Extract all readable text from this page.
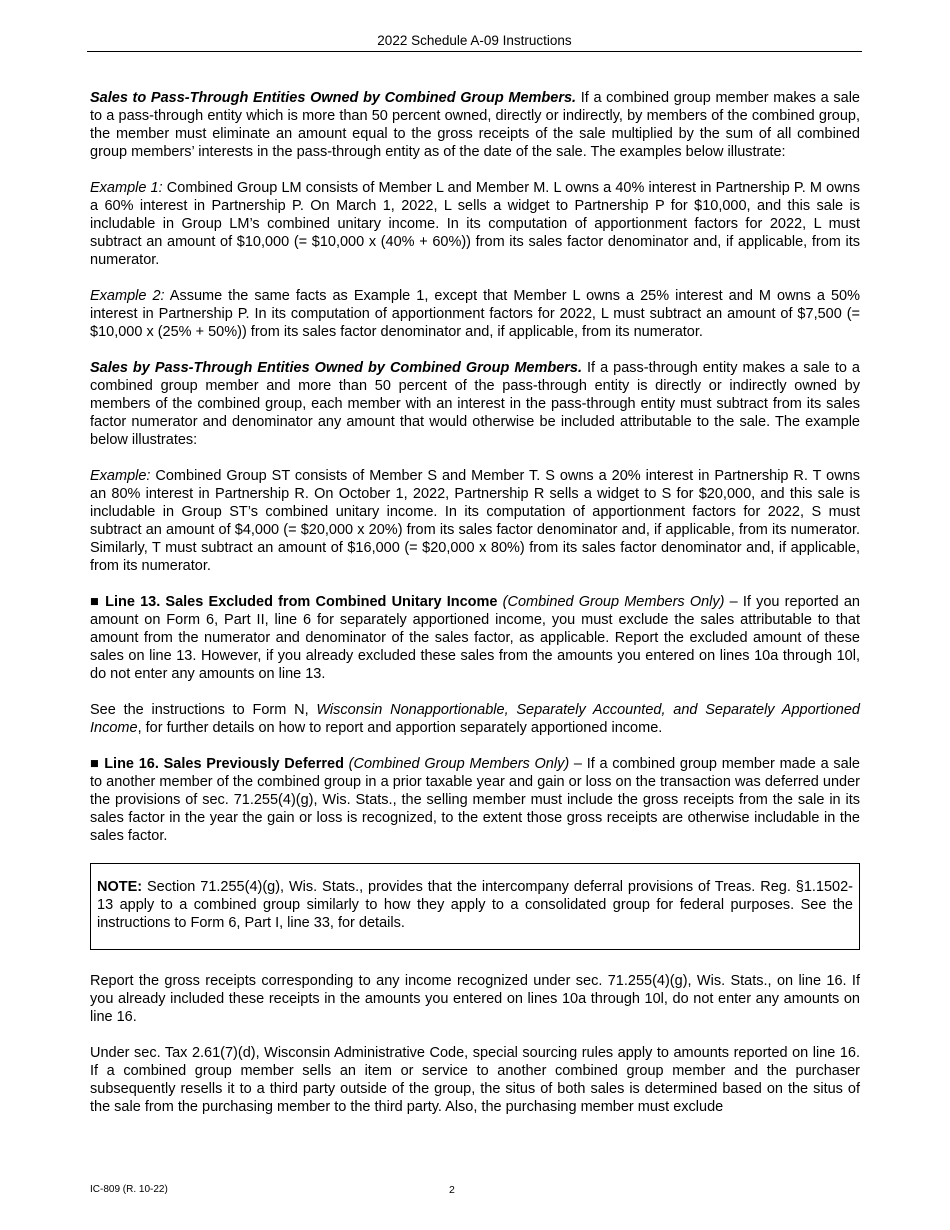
2022 Schedule A-09 Instructions

Sales to Pass-Through Entities Owned by Combined Group Members. If a combined group member makes a sale to a pass-through entity which is more than 50 percent owned, directly or indirectly, by members of the combined group, the member must eliminate an amount equal to the gross receipts of the sale multiplied by the sum of all combined group members’ interests in the pass-through entity as of the date of the sale. The examples below illustrate:

Example 1: Combined Group LM consists of Member L and Member M. L owns a 40% interest in Partnership P. M owns a 60% interest in Partnership P. On March 1, 2022, L sells a widget to Partnership P for $10,000, and this sale is includable in Group LM’s combined unitary income. In its computation of apportionment factors for 2022, L must subtract an amount of $10,000 (= $10,000 x (40% + 60%)) from its sales factor denominator and, if applicable, from its numerator.

Example 2: Assume the same facts as Example 1, except that Member L owns a 25% interest and M owns a 50% interest in Partnership P. In its computation of apportionment factors for 2022, L must subtract an amount of $7,500 (= $10,000 x (25% + 50%)) from its sales factor denominator and, if applicable, from its numerator.

Sales by Pass-Through Entities Owned by Combined Group Members. If a pass-through entity makes a sale to a combined group member and more than 50 percent of the pass-through entity is directly or indirectly owned by members of the combined group, each member with an interest in the pass-through entity must subtract from its sales factor numerator and denominator any amount that would otherwise be included attributable to the sale. The example below illustrates:

Example: Combined Group ST consists of Member S and Member T. S owns a 20% interest in Partnership R. T owns an 80% interest in Partnership R. On October 1, 2022, Partnership R sells a widget to S for $20,000, and this sale is includable in Group ST’s combined unitary income. In its computation of apportionment factors for 2022, S must subtract an amount of $4,000 (= $20,000 x 20%) from its sales factor denominator and, if applicable, from its numerator. Similarly, T must subtract an amount of $16,000 (= $20,000 x 80%) from its sales factor denominator and, if applicable, from its numerator.

■ Line 13. Sales Excluded from Combined Unitary Income (Combined Group Members Only) – If you reported an amount on Form 6, Part II, line 6 for separately apportioned income, you must exclude the sales attributable to that amount from the numerator and denominator of the sales factor, as applicable. Report the excluded amount of these sales on line 13. However, if you already excluded these sales from the amounts you entered on lines 10a through 10l, do not enter any amounts on line 13.

See the instructions to Form N, Wisconsin Nonapportionable, Separately Accounted, and Separately Apportioned Income, for further details on how to report and apportion separately apportioned income.

■ Line 16. Sales Previously Deferred (Combined Group Members Only) – If a combined group member made a sale to another member of the combined group in a prior taxable year and gain or loss on the transaction was deferred under the provisions of sec. 71.255(4)(g), Wis. Stats., the selling member must include the gross receipts from the sale in its sales factor in the year the gain or loss is recognized, to the extent those gross receipts are otherwise includable in the sales factor.

NOTE: Section 71.255(4)(g), Wis. Stats., provides that the intercompany deferral provisions of Treas. Reg. §1.1502-13 apply to a combined group similarly to how they apply to a consolidated group for federal purposes. See the instructions to Form 6, Part I, line 33, for details.

Report the gross receipts corresponding to any income recognized under sec. 71.255(4)(g), Wis. Stats., on line 16. If you already included these receipts in the amounts you entered on lines 10a through 10l, do not enter any amounts on line 16.

Under sec. Tax 2.61(7)(d), Wisconsin Administrative Code, special sourcing rules apply to amounts reported on line 16. If a combined group member sells an item or service to another combined group member and the purchaser subsequently resells it to a third party outside of the group, the situs of both sales is determined based on the situs of the sale from the purchasing member to the third party. Also, the purchasing member must exclude

IC-809 (R. 10-22)	2
